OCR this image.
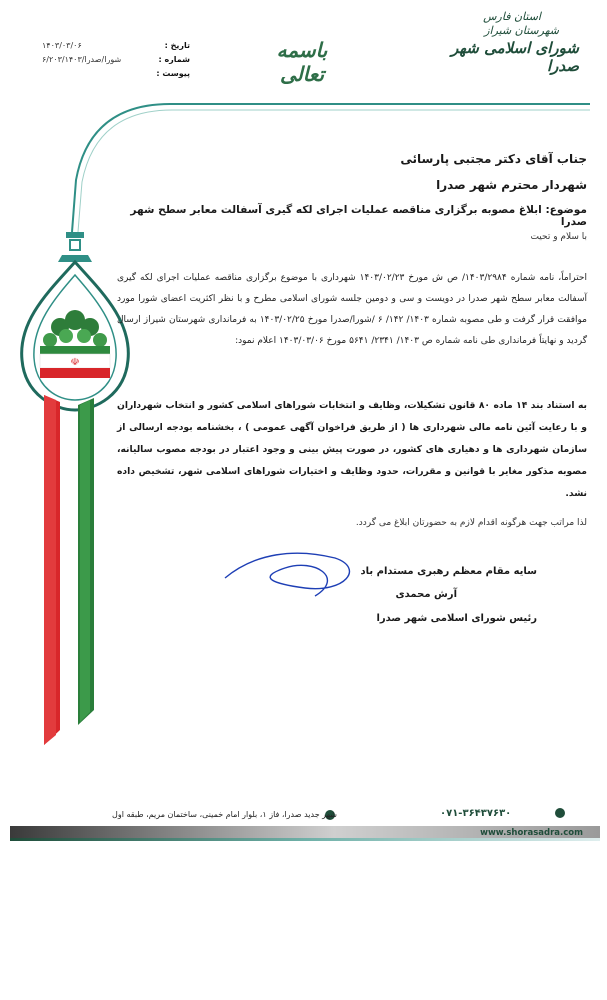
☫
استان فارس
شهرستان شیراز
شورای اسلامی شهر صدرا
باسمه تعالی
تاریخ :
۱۴۰۳/۰۳/۰۶
شماره :
۶/۲۰۳/۱۴۰۳/شورا/صدرا
پیوست :
جناب آقای دکتر مجتبی پارسائی
شهردار محترم شهر صدرا
موضوع: ابلاغ مصوبه برگزاری مناقصه عملیات اجرای لکه گیری آسفالت معابر سطح شهر صدرا
با سلام و تحیت
احتراماً، نامه شماره ۱۴۰۳/۲۹۸۴/ ص ش مورخ ۱۴۰۳/۰۲/۲۳ شهرداری با موضوع برگزاری مناقصه عملیات اجرای لکه گیری آسفالت معابر سطح شهر صدرا در دویست و سی و دومین جلسه شورای اسلامی مطرح و با نظر اکثریت اعضای شورا مورد موافقت قرار گرفت و طی مصوبه شماره ۱۴۰۳/ ۱۴۲/ ۶ /شورا/صدرا مورخ ۱۴۰۳/۰۲/۲۵ به فرمانداری شهرستان شیراز ارسال گردید و نهایتاً فرمانداری طی نامه شماره ص ۱۴۰۳/ ۲۳۴۱/ ۵۶۴۱ مورخ ۱۴۰۳/۰۳/۰۶ اعلام نمود:
به استناد بند ۱۴ ماده ۸۰ قانون تشکیلات، وظایف و انتخابات شوراهای اسلامی کشور و انتخاب شهرداران و با رعایت آئین نامه مالی شهرداری ها ( از طریق فراخوان آگهی عمومی ) ، بخشنامه بودجه ارسالی از سازمان شهرداری ها و دهیاری های کشور، در صورت پیش بینی و وجود اعتبار در بودجه مصوب سالیانه، مصوبه مذکور مغایر با قوانین و مقررات، حدود وظایف و اختیارات شوراهای اسلامی شهر، تشخیص داده نشد.
لذا مراتب جهت هرگونه اقدام لازم به حضورتان ابلاغ می گردد.
سایه مقام معظم رهبری مستدام باد
آرش محمدی
رئیس شورای اسلامی شهر صدرا
شهر جدید صدرا، فاز ۱، بلوار امام خمینی، ساختمان مریم، طبقه اول	۰۷۱-۳۶۴۳۷۶۳۰
www.shorasadra.com
